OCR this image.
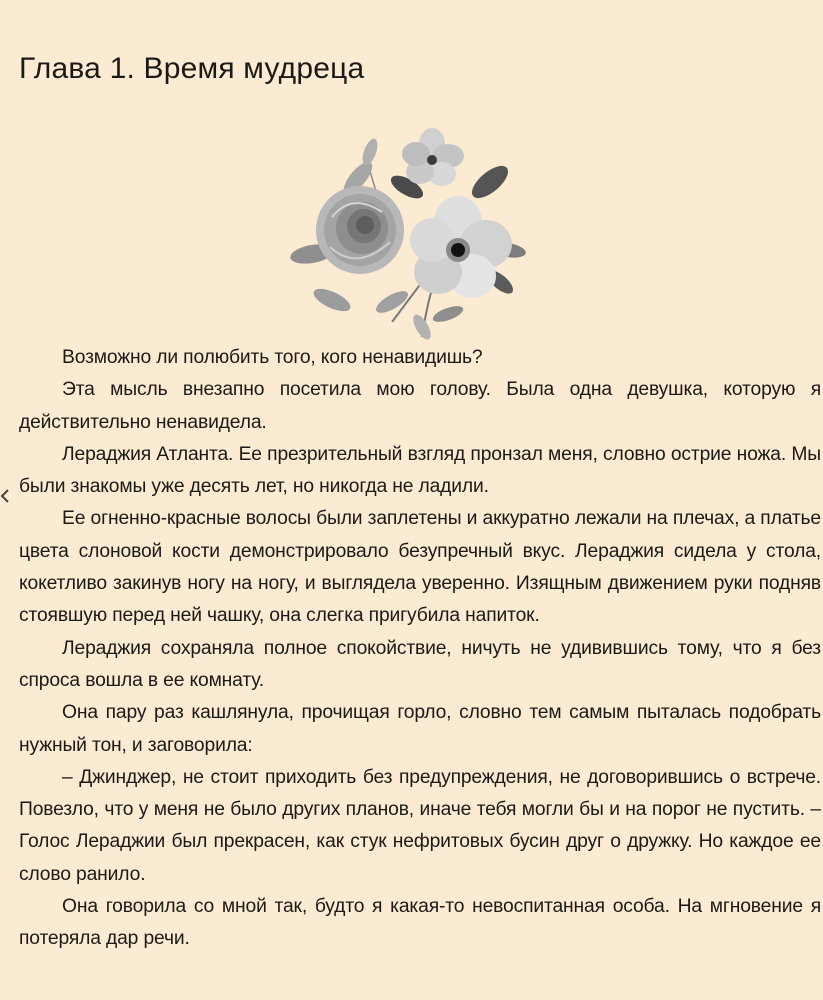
Глава 1. Время мудреца

Возможно ли полюбить того, кого ненавидишь?

Эта мысль внезапно посетила мою голову. Была одна девушка, которую я действительно ненавидела.

Лераджия Атланта. Ее презрительный взгляд пронзал меня, словно острие ножа. Мы были знакомы уже десять лет, но никогда не ладили.

Ее огненно-красные волосы были заплетены и аккуратно лежали на плечах, а платье цвета слоновой кости демонстрировало безупречный вкус. Лераджия сидела у стола, кокетливо закинув ногу на ногу, и выглядела уверенно. Изящным движением руки подняв стоявшую перед ней чашку, она слегка пригубила напиток.

Лераджия сохраняла полное спокойствие, ничуть не удивившись тому, что я без спроса вошла в ее комнату.

Она пару раз кашлянула, прочищая горло, словно тем самым пыталась подобрать нужный тон, и заговорила:

– Джинджер, не стоит приходить без предупреждения, не договорившись о встрече. Повезло, что у меня не было других планов, иначе тебя могли бы и на порог не пустить. – Голос Лераджии был прекрасен, как стук нефритовых бусин друг о дружку. Но каждое ее слово ранило.

Она говорила со мной так, будто я какая-то невоспитанная особа. На мгновение я потеряла дар речи.
